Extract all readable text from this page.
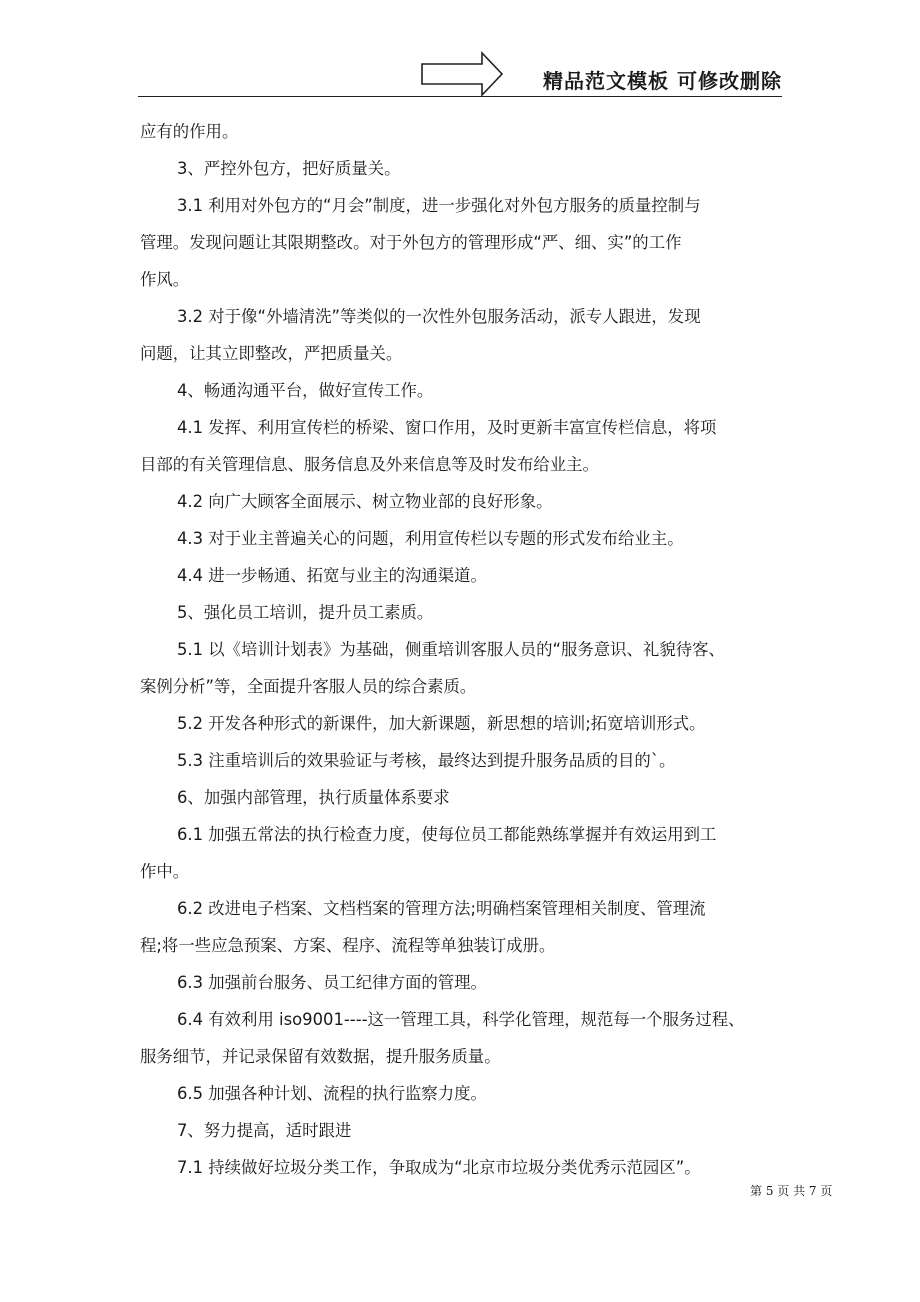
精品范文模板 可修改删除
应有的作用。
3、严控外包方，把好质量关。
3.1 利用对外包方的“月会”制度，进一步强化对外包方服务的质量控制与
管理。发现问题让其限期整改。对于外包方的管理形成“严、细、实”的工作
作风。
3.2 对于像“外墙清洗”等类似的一次性外包服务活动，派专人跟进，发现
问题，让其立即整改，严把质量关。
4、畅通沟通平台，做好宣传工作。
4.1 发挥、利用宣传栏的桥梁、窗口作用，及时更新丰富宣传栏信息，将项
目部的有关管理信息、服务信息及外来信息等及时发布给业主。
4.2 向广大顾客全面展示、树立物业部的良好形象。
4.3 对于业主普遍关心的问题，利用宣传栏以专题的形式发布给业主。
4.4 进一步畅通、拓宽与业主的沟通渠道。
5、强化员工培训，提升员工素质。
5.1 以《培训计划表》为基础，侧重培训客服人员的“服务意识、礼貌待客、
案例分析”等，全面提升客服人员的综合素质。
5.2 开发各种形式的新课件，加大新课题，新思想的培训;拓宽培训形式。
5.3 注重培训后的效果验证与考核，最终达到提升服务品质的目的`。
6、加强内部管理，执行质量体系要求
6.1 加强五常法的执行检查力度，使每位员工都能熟练掌握并有效运用到工
作中。
6.2 改进电子档案、文档档案的管理方法;明确档案管理相关制度、管理流
程;将一些应急预案、方案、程序、流程等单独装订成册。
6.3 加强前台服务、员工纪律方面的管理。
6.4 有效利用 iso9001----这一管理工具，科学化管理，规范每一个服务过程、
服务细节，并记录保留有效数据，提升服务质量。
6.5 加强各种计划、流程的执行监察力度。
7、努力提高，适时跟进
7.1 持续做好垃圾分类工作，争取成为“北京市垃圾分类优秀示范园区”。
第 5 页 共 7 页
